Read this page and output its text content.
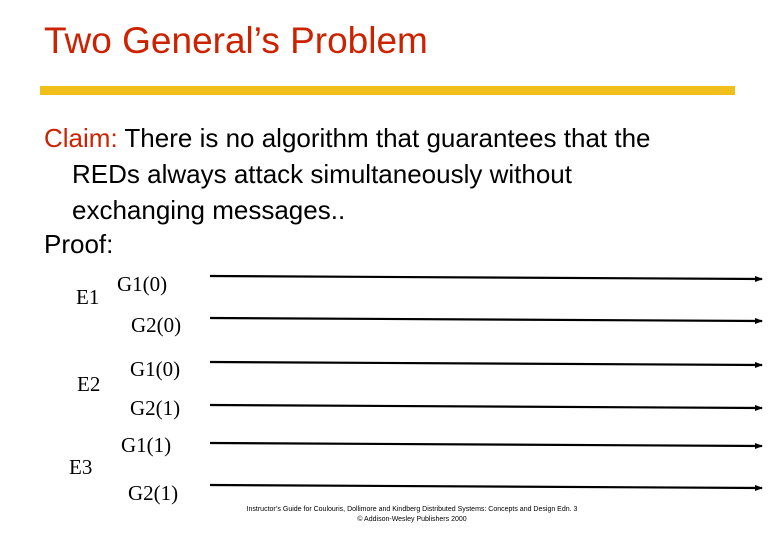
Two General’s Problem
Claim: There is no algorithm that guarantees that the
REDs always attack simultaneously without
exchanging messages..
Proof:
E1
E2
E3
G1(0)
G2(0)
G1(0)
G2(1)
G1(1)
G2(1)
Instructor’s Guide for Coulouris, Dollimore and Kindberg Distributed Systems: Concepts and Design Edn. 3
© Addison-Wesley Publishers 2000
